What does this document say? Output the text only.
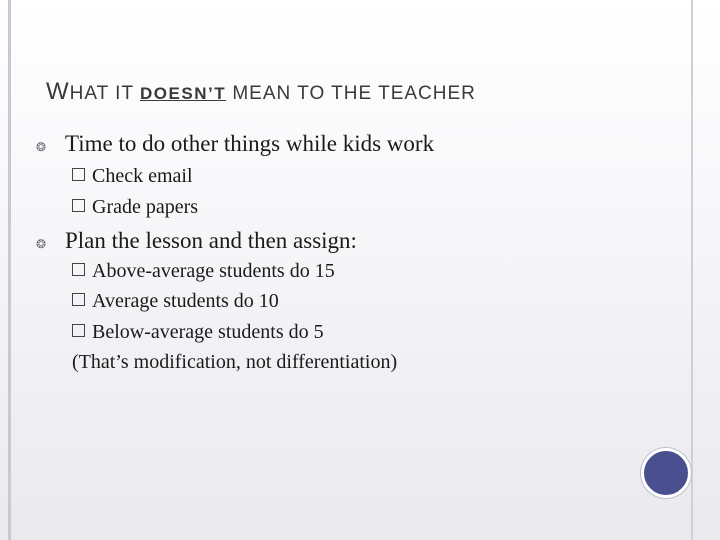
WHAT IT DOESN’T MEAN TO THE TEACHER
❂ Time to do other things while kids work
Check email
Grade papers
❂ Plan the lesson and then assign:
Above-average students do 15
Average students do 10
Below-average students do 5
(That’s modification, not differentiation)
